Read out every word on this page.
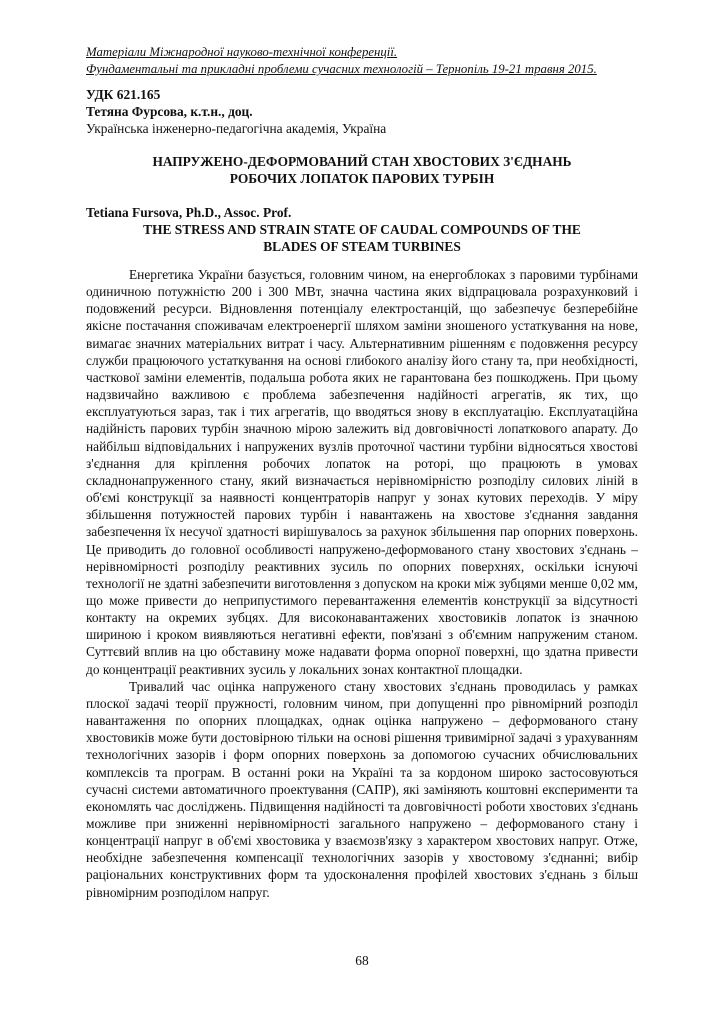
Матеріали Міжнародної науково-технічної конференції.
Фундаментальні та прикладні проблеми сучасних технологій – Тернопіль 19-21 травня 2015.
УДК 621.165
Тетяна Фурсова, к.т.н., доц.
Українська інженерно-педагогічна академія, Україна
НАПРУЖЕНО-ДЕФОРМОВАНИЙ СТАН ХВОСТОВИХ З'ЄДНАНЬ
РОБОЧИХ ЛОПАТОК ПАРОВИХ ТУРБІН
Tetiana Fursova, Ph.D., Assoc. Prof.
THE STRESS AND STRAIN STATE OF CAUDAL COMPOUNDS OF THE
BLADES OF STEAM TURBINES

Енергетика України базується, головним чином, на енергоблоках з паровими турбінами одиничною потужністю 200 і 300 МВт, значна частина яких відпрацювала розрахунковий і подовжений ресурси. Відновлення потенціалу електростанцій, що забезпечує безперебійне якісне постачання споживачам електроенергії шляхом заміни зношеного устаткування на нове, вимагає значних матеріальних витрат і часу. Альтернативним рішенням є подовження ресурсу служби працюючого устаткування на основі глибокого аналізу його стану та, при необхідності, часткової заміни елементів, подальша робота яких не гарантована без пошкоджень. При цьому надзвичайно важливою є проблема забезпечення надійності агрегатів, як тих, що експлуатуються зараз, так і тих агрегатів, що вводяться знову в експлуатацію. Експлуатаційна надійність парових турбін значною мірою залежить від довговічності лопаткового апарату. До найбільш відповідальних і напружених вузлів проточної частини турбіни відносяться хвостові з'єднання для кріплення робочих лопаток на роторі, що працюють в умовах складнонапруженного стану, який визначається нерівномірністю розподілу силових ліній в об'ємі конструкції за наявності концентраторів напруг у зонах кутових переходів. У міру збільшення потужностей парових турбін і навантажень на хвостове з'єднання завдання забезпечення їх несучої здатності вирішувалось за рахунок збільшення пар опорних поверхонь. Це приводить до головної особливості напружено-деформованого стану хвостових з'єднань – нерівномірності розподілу реактивних зусиль по опорних поверхнях, оскільки існуючі технології не здатні забезпечити виготовлення з допуском на кроки між зубцями менше 0,02 мм, що може привести до неприпустимого перевантаження елементів конструкції за відсутності контакту на окремих зубцях. Для високонавантажених хвостовиків лопаток із значною шириною і кроком виявляються негативні ефекти, пов'язані з об'ємним напруженим станом. Суттєвий вплив на цю обставину може надавати форма опорної поверхні, що здатна привести до концентрації реактивних зусиль у локальних зонах контактної площадки.

Тривалий час оцінка напруженого стану хвостових з'єднань проводилась у рамках плоскої задачі теорії пружності, головним чином, при допущенні про рівномірний розподіл навантаження по опорних площадках, однак оцінка напружено – деформованого стану хвостовиків може бути достовірною тільки на основі рішення тривимірної задачі з урахуванням технологічних зазорів і форм опорних поверхонь за допомогою сучасних обчислювальних комплексів та програм. В останні роки на Україні та за кордоном широко застосовуються сучасні системи автоматичного проектування (САПР), які заміняють коштовні експерименти та економлять час досліджень. Підвищення надійності та довговічності роботи хвостових з'єднань можливе при зниженні нерівномірності загального напружено – деформованого стану і концентрації напруг в об'ємі хвостовика у взаємозв'язку з характером хвостових напруг. Отже, необхідне забезпечення компенсації технологічних зазорів у хвостовому з'єднанні; вибір раціональних конструктивних форм та удосконалення профілей хвостових з'єднань з більш рівномірним розподілом напруг.

68
